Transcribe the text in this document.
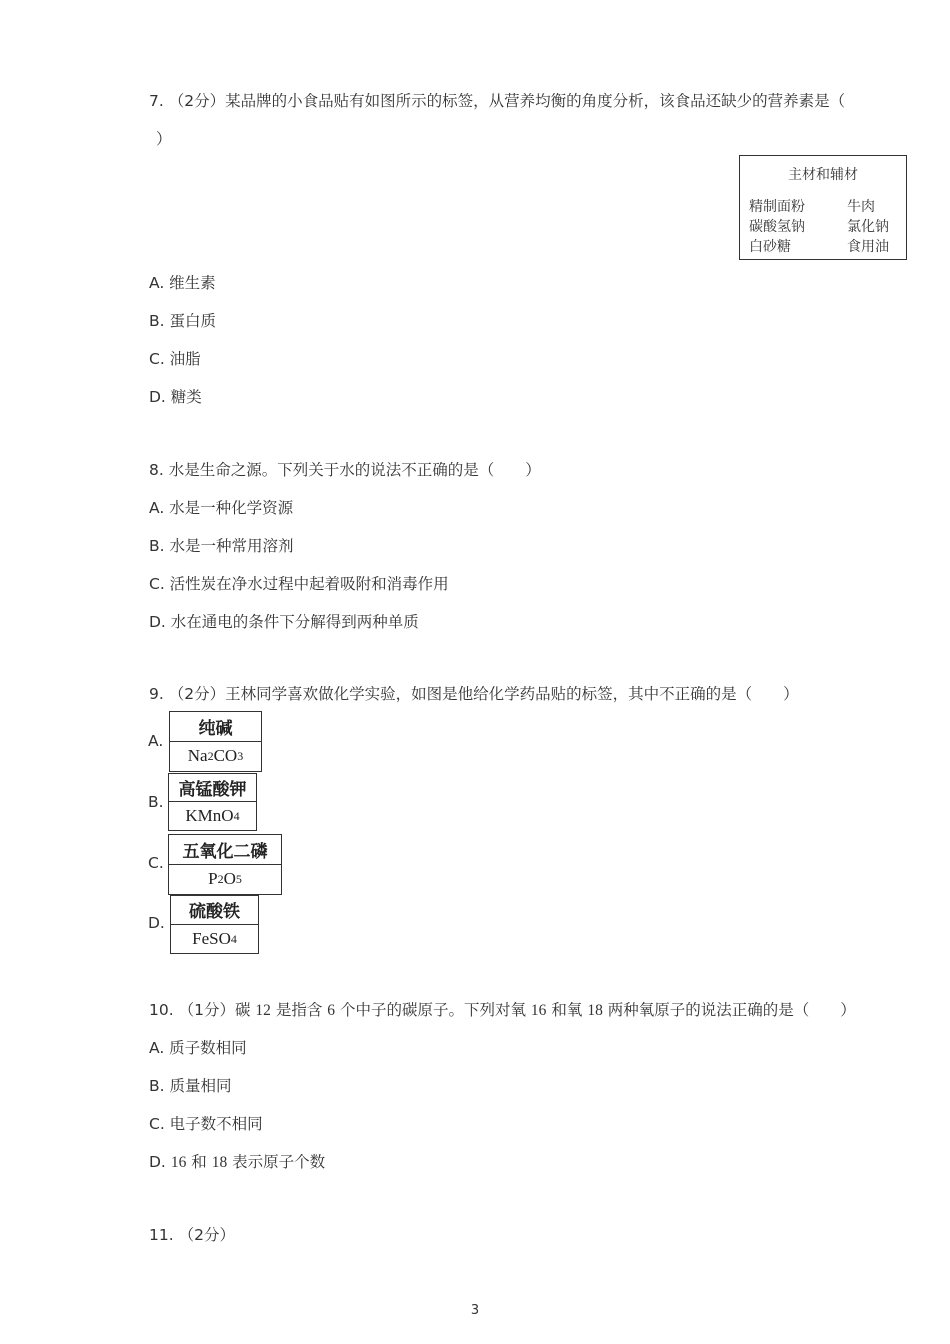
7. （2分）某品牌的小食品贴有如图所示的标签，从营养均衡的角度分析，该食品还缺少的营养素是（
）
主材和辅材
精制面粉	牛肉
碳酸氢钠	氯化钠
白砂糖	食用油
A. 维生素
B. 蛋白质
C. 油脂
D. 糖类
8. 水是生命之源。下列关于水的说法不正确的是（　　）
A. 水是一种化学资源
B. 水是一种常用溶剂
C. 活性炭在净水过程中起着吸附和消毒作用
D. 水在通电的条件下分解得到两种单质
9. （2分）王林同学喜欢做化学实验，如图是他给化学药品贴的标签，其中不正确的是（　　）
A.
纯碱
Na 2 CO 3
B.
高锰酸钾
KMnO 4
C.
五氧化二磷
P 2 O 5
D.
硫酸铁
FeSO 4
10. （1分）碳 12 是指含 6 个中子的碳原子。下列对氧 16 和氧 18 两种氧原子的说法正确的是（　　）
A. 质子数相同
B. 质量相同
C. 电子数不相同
D. 16 和 18 表示原子个数
11. （2分）
3
